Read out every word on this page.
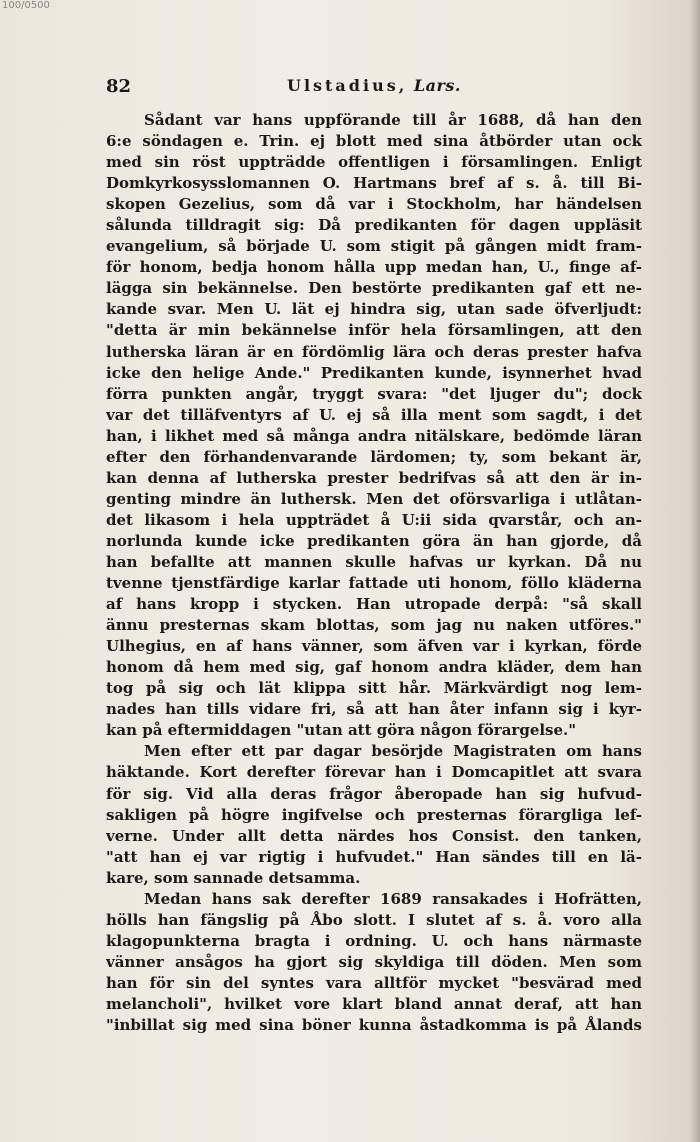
100/0500
82	Ulstadius, Lars.
Sådant var hans uppförande till år 1688, då han den
6:e söndagen e. Trin. ej blott med sina åtbörder utan ock
med sin röst uppträdde offentligen i församlingen. Enligt
Domkyrkosysslomannen O. Hartmans bref af s. å. till Bi-
skopen Gezelius, som då var i Stockholm, har händelsen
sålunda tilldragit sig: Då predikanten för dagen uppläsit
evangelium, så började U. som stigit på gången midt fram-
för honom, bedja honom hålla upp medan han, U., finge af-
lägga sin bekännelse. Den bestörte predikanten gaf ett ne-
kande svar. Men U. lät ej hindra sig, utan sade öfverljudt:
"detta är min bekännelse inför hela församlingen, att den
lutherska läran är en fördömlig lära och deras prester hafva
icke den helige Ande." Predikanten kunde, isynnerhet hvad
förra punkten angår, tryggt svara: "det ljuger du"; dock
var det tilläfventyrs af U. ej så illa ment som sagdt, i det
han, i likhet med så många andra nitälskare, bedömde läran
efter den förhandenvarande lärdomen; ty, som bekant är,
kan denna af lutherska prester bedrifvas så att den är in-
genting mindre än luthersk. Men det oförsvarliga i utlåtan-
det likasom i hela uppträdet å U:ii sida qvarstår, och an-
norlunda kunde icke predikanten göra än han gjorde, då
han befallte att mannen skulle hafvas ur kyrkan. Då nu
tvenne tjenstfärdige karlar fattade uti honom, föllo kläderna
af hans kropp i stycken. Han utropade derpå: "så skall
ännu presternas skam blottas, som jag nu naken utföres."
Ulhegius, en af hans vänner, som äfven var i kyrkan, förde
honom då hem med sig, gaf honom andra kläder, dem han
tog på sig och lät klippa sitt hår. Märkvärdigt nog lem-
nades han tills vidare fri, så att han åter infann sig i kyr-
kan på eftermiddagen "utan att göra någon förargelse."
Men efter ett par dagar besörjde Magistraten om hans
häktande. Kort derefter förevar han i Domcapitlet att svara
för sig. Vid alla deras frågor åberopade han sig hufvud-
sakligen på högre ingifvelse och presternas förargliga lef-
verne. Under allt detta närdes hos Consist. den tanken,
"att han ej var rigtig i hufvudet." Han sändes till en lä-
kare, som sannade detsamma.
Medan hans sak derefter 1689 ransakades i Hofrätten,
hölls han fängslig på Åbo slott. I slutet af s. å. voro alla
klagopunkterna bragta i ordning. U. och hans närmaste
vänner ansågos ha gjort sig skyldiga till döden. Men som
han för sin del syntes vara alltför mycket "besvärad med
melancholi", hvilket vore klart bland annat deraf, att han
"inbillat sig med sina böner kunna åstadkomma is på Ålands
